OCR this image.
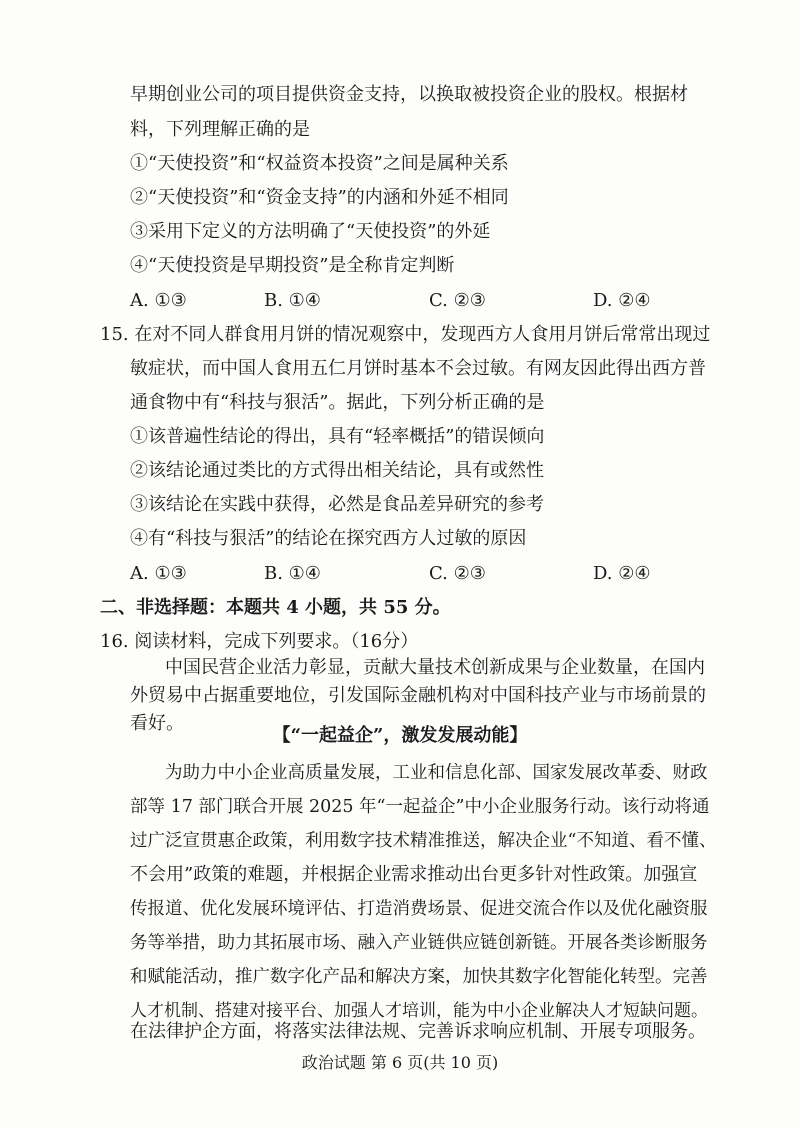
早期创业公司的项目提供资金支持，以换取被投资企业的股权。根据材
料，下列理解正确的是
①“天使投资”和“权益资本投资”之间是属种关系
②“天使投资”和“资金支持”的内涵和外延不相同
③采用下定义的方法明确了“天使投资”的外延
④“天使投资是早期投资”是全称肯定判断
A. ①③	B. ①④	C. ②③	D. ②④
15. 在对不同人群食用月饼的情况观察中，发现西方人食用月饼后常常出现过
敏症状，而中国人食用五仁月饼时基本不会过敏。有网友因此得出西方普
通食物中有“科技与狠活”。据此，下列分析正确的是
①该普遍性结论的得出，具有“轻率概括”的错误倾向
②该结论通过类比的方式得出相关结论，具有或然性
③该结论在实践中获得，必然是食品差异研究的参考
④有“科技与狠活”的结论在探究西方人过敏的原因
A. ①③	B. ①④	C. ②③	D. ②④
二、非选择题：本题共 4 小题，共 55 分。
16. 阅读材料，完成下列要求。（16分）
中国民营企业活力彰显，贡献大量技术创新成果与企业数量，在国内
外贸易中占据重要地位，引发国际金融机构对中国科技产业与市场前景的
看好。
【“一起益企”，激发发展动能】
为助力中小企业高质量发展，工业和信息化部、国家发展改革委、财政
部等 17 部门联合开展 2025 年“一起益企”中小企业服务行动。该行动将通
过广泛宣贯惠企政策，利用数字技术精准推送，解决企业“不知道、看不懂、
不会用”政策的难题，并根据企业需求推动出台更多针对性政策。加强宣
传报道、优化发展环境评估、打造消费场景、促进交流合作以及优化融资服
务等举措，助力其拓展市场、融入产业链供应链创新链。开展各类诊断服务
和赋能活动，推广数字化产品和解决方案，加快其数字化智能化转型。完善
人才机制、搭建对接平台、加强人才培训，能为中小企业解决人才短缺问题。
在法律护企方面，将落实法律法规、完善诉求响应机制、开展专项服务。
政治试题 第 6 页(共 10 页)
